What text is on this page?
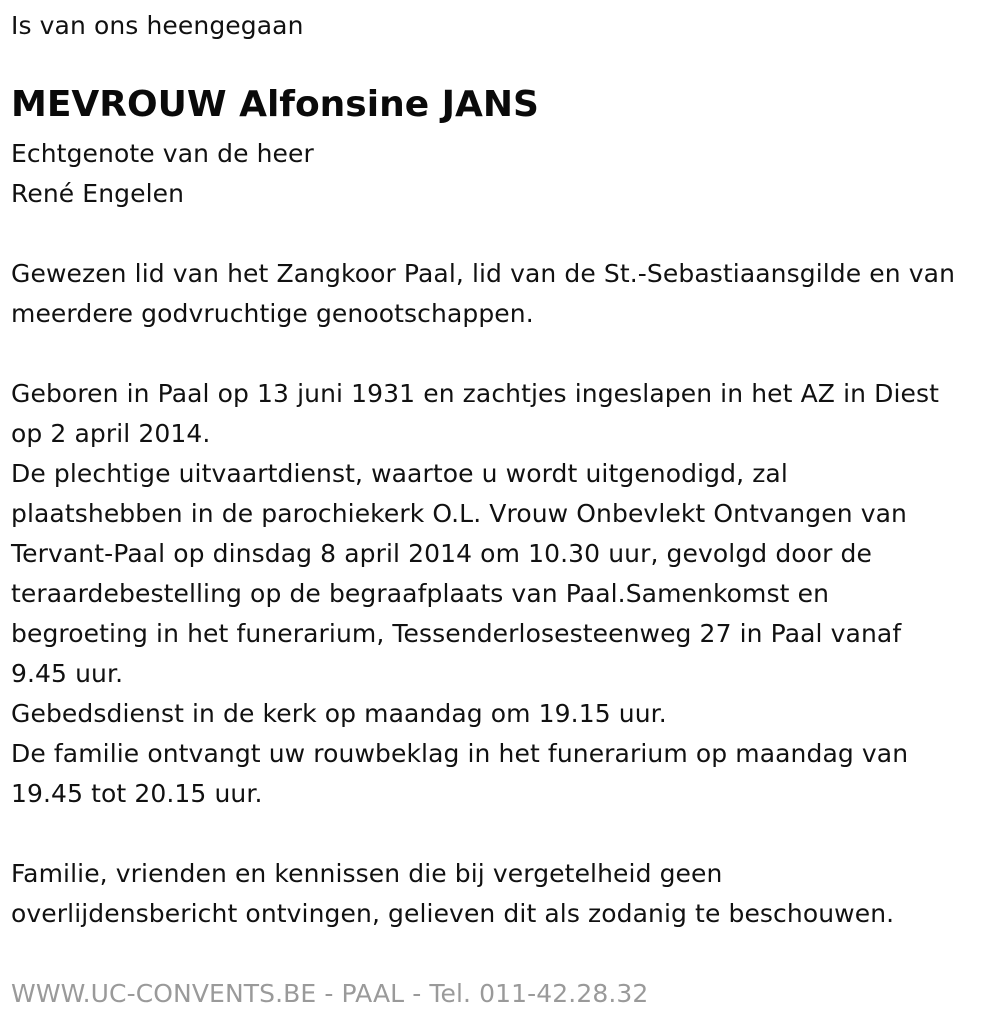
Is van ons heengegaan
MEVROUW Alfonsine JANS
Echtgenote van de heer
René Engelen
Gewezen lid van het Zangkoor Paal, lid van de St.-Sebastiaansgilde en van
meerdere godvruchtige genootschappen.
Geboren in Paal op 13 juni 1931 en zachtjes ingeslapen in het AZ in Diest
op 2 april 2014.
De plechtige uitvaartdienst, waartoe u wordt uitgenodigd, zal
plaatshebben in de parochiekerk O.L. Vrouw Onbevlekt Ontvangen van
Tervant-Paal op dinsdag 8 april 2014 om 10.30 uur, gevolgd door de
teraardebestelling op de begraafplaats van Paal.Samenkomst en
begroeting in het funerarium, Tessenderlosesteenweg 27 in Paal vanaf
9.45 uur.
Gebedsdienst in de kerk op maandag om 19.15 uur.
De familie ontvangt uw rouwbeklag in het funerarium op maandag van
19.45 tot 20.15 uur.
Familie, vrienden en kennissen die bij vergetelheid geen
overlijdensbericht ontvingen, gelieven dit als zodanig te beschouwen.
WWW.UC-CONVENTS.BE - PAAL - Tel. 011-42.28.32
